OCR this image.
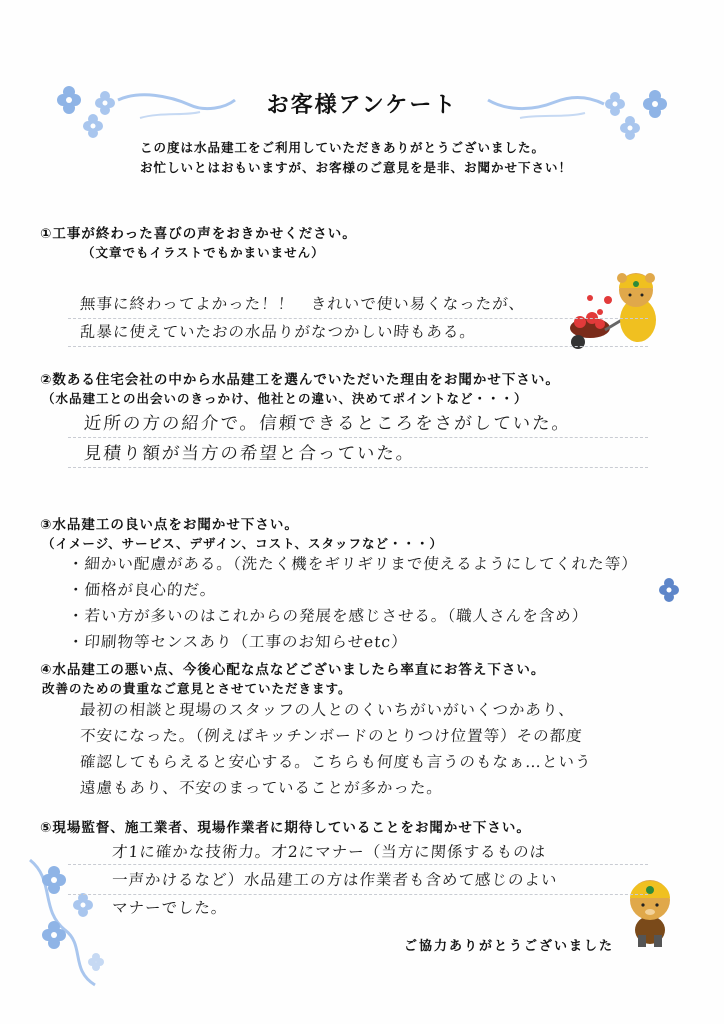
お客様アンケート
この度は水品建工をご利用していただきありがとうございました。
お忙しいとはおもいますが、お客様のご意見を是非、お聞かせ下さい！
①工事が終わった喜びの声をおきかせください。
（文章でもイラストでもかまいません）
無事に終わってよかった！！　きれいで使い易くなったが、
乱暴に使えていたおの水品りがなつかしい時もある。
②数ある住宅会社の中から水品建工を選んでいただいた理由をお聞かせ下さい。
（水品建工との出会いのきっかけ、他社との違い、決めてポイントなど・・・）
近所の方の紹介で。信頼できるところをさがしていた。
見積り額が当方の希望と合っていた。
③水品建工の良い点をお聞かせ下さい。
（イメージ、サービス、デザイン、コスト、スタッフなど・・・）
・細かい配慮がある。（洗たく機をギリギリまで使えるようにしてくれた等）
・価格が良心的だ。
・若い方が多いのはこれからの発展を感じさせる。（職人さんを含め）
・印刷物等センスあり（工事のお知らせetc）
④水品建工の悪い点、今後心配な点などございましたら率直にお答え下さい。
改善のための貴重なご意見とさせていただきます。
最初の相談と現場のスタッフの人とのくいちがいがいくつかあり、
不安になった。（例えばキッチンボードのとりつけ位置等）その都度
確認してもらえると安心する。こちらも何度も言うのもなぁ…という
遠慮もあり、不安のまっていることが多かった。
⑤現場監督、施工業者、現場作業者に期待していることをお聞かせ下さい。
才1に確かな技術力。才2にマナー（当方に関係するものは
一声かけるなど）水品建工の方は作業者も含めて感じのよい
マナーでした。
ご協力ありがとうございました
